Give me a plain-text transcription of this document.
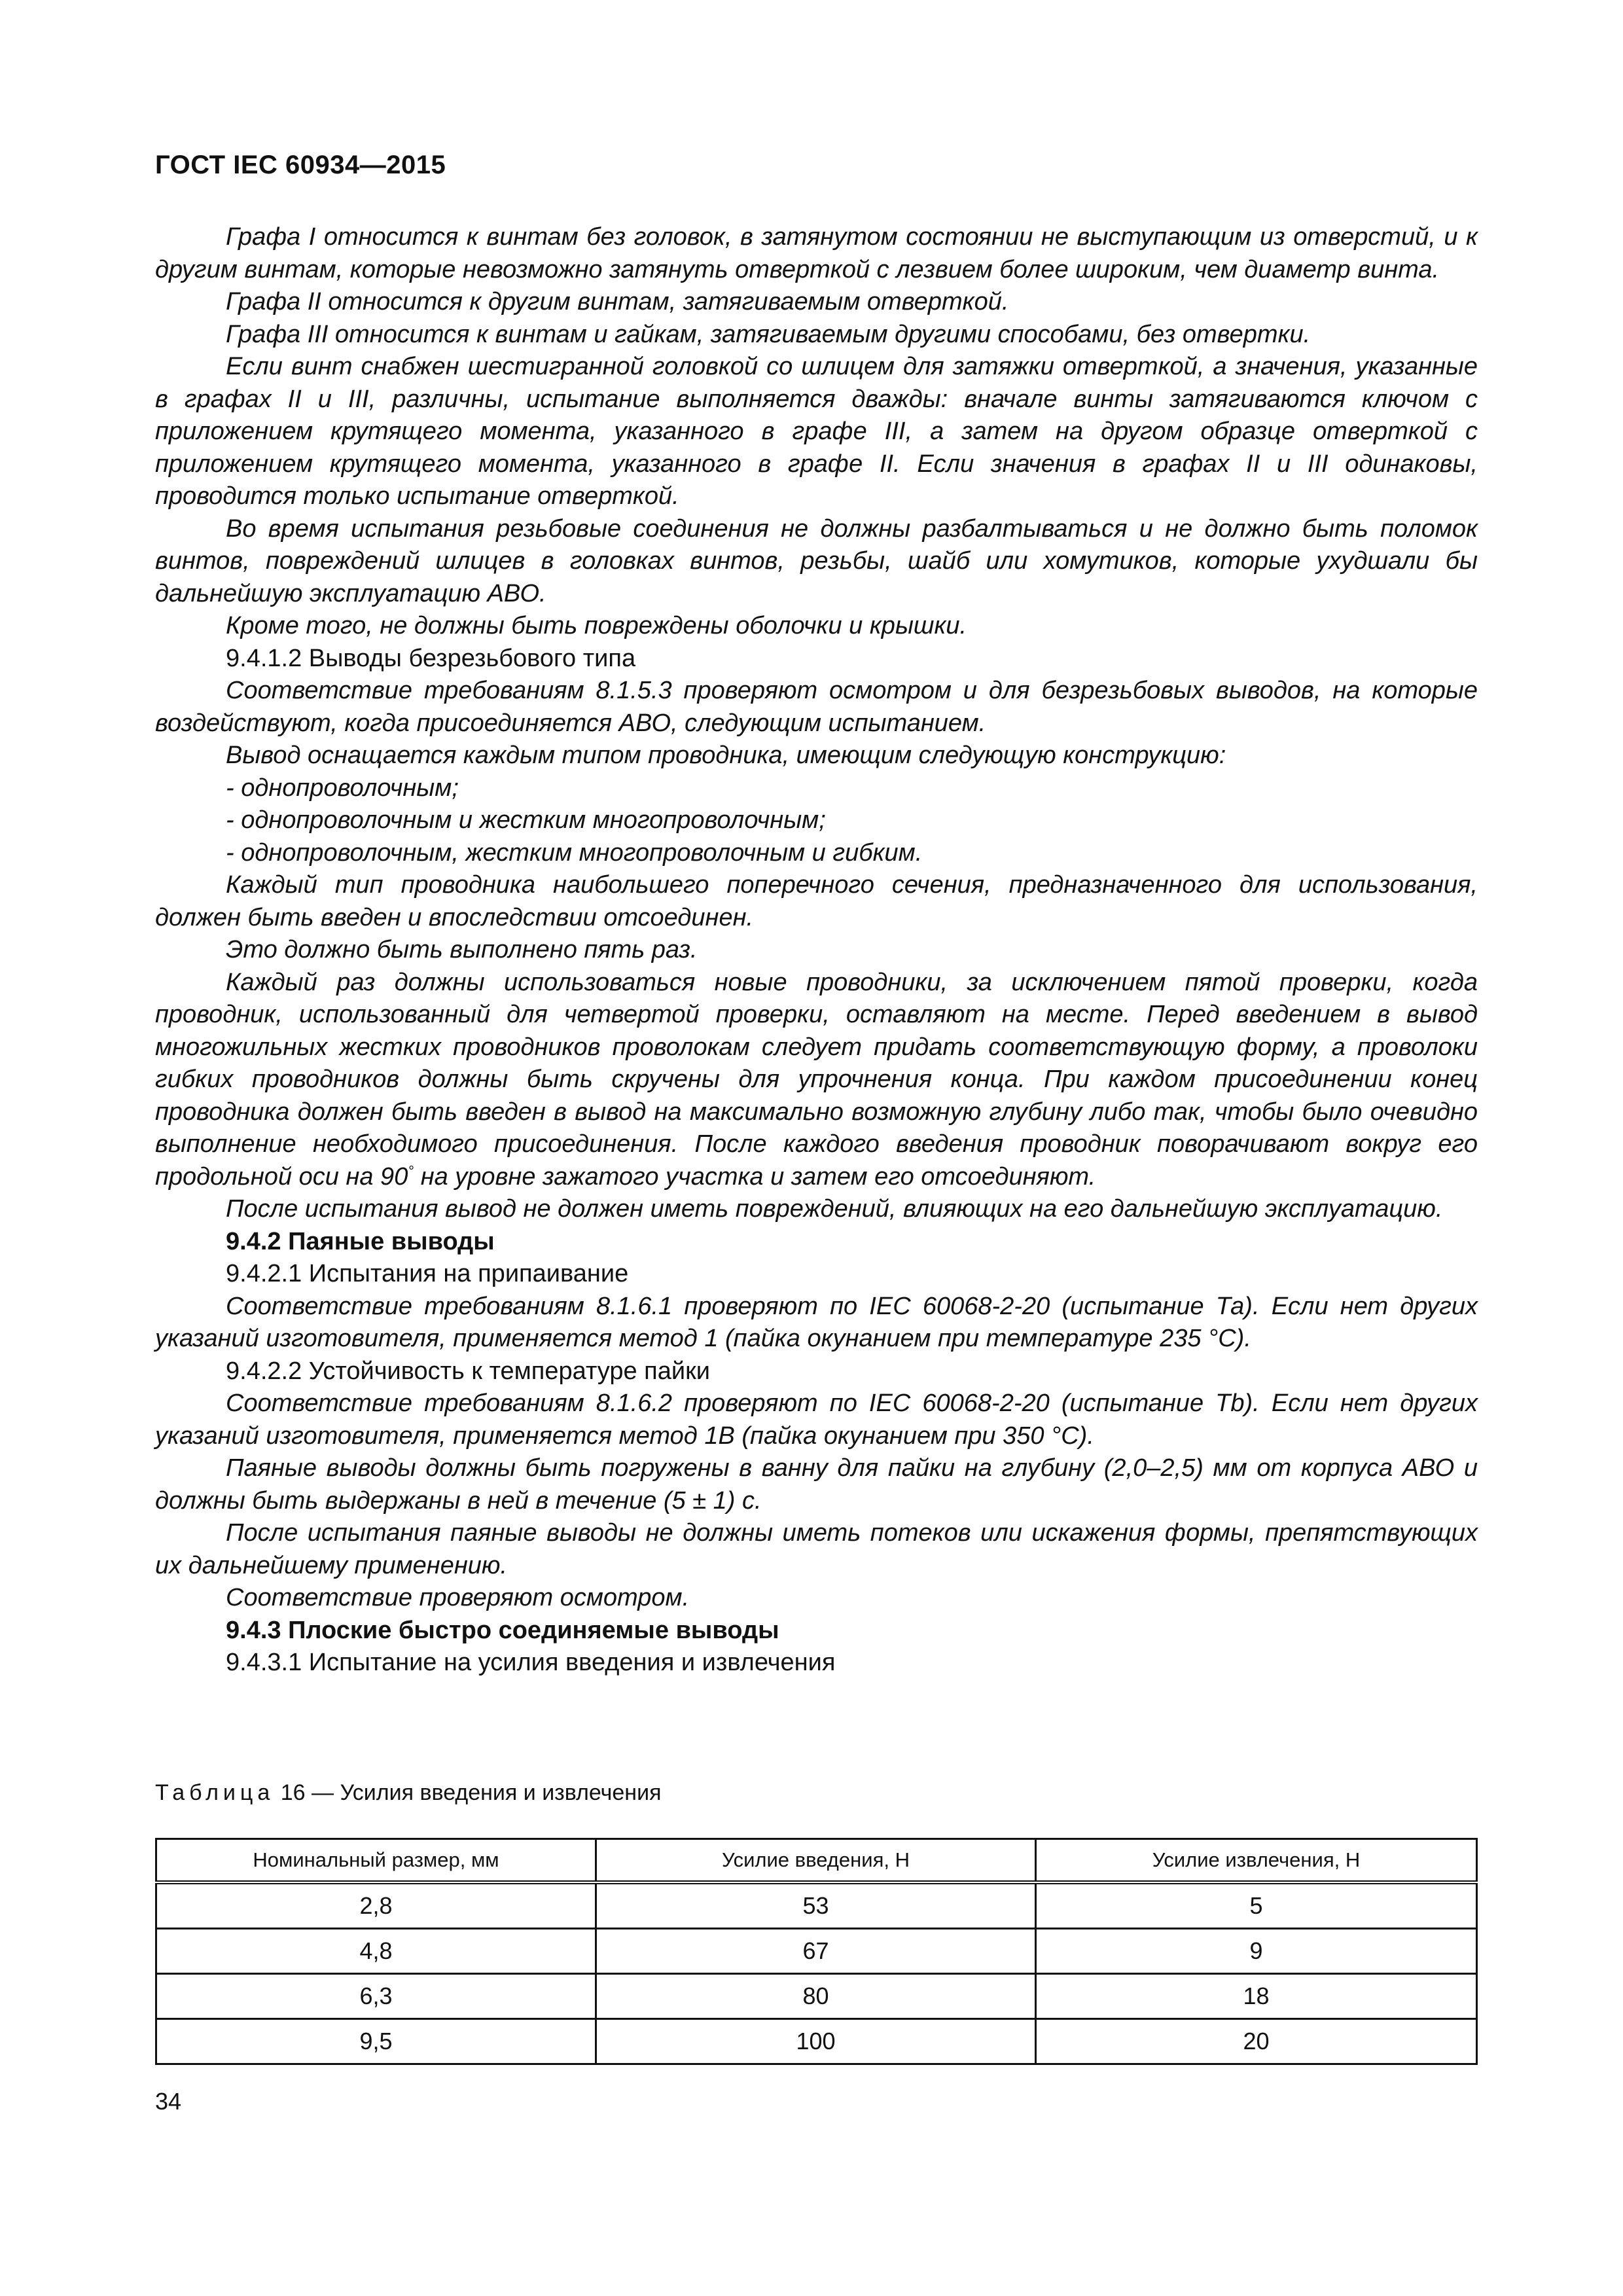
ГОСТ IEC 60934—2015

Графа I относится к винтам без головок, в затянутом состоянии не выступающим из отверстий, и к другим винтам, которые невозможно затянуть отверткой с лезвием более широким, чем диаметр винта.

Графа II относится к другим винтам, затягиваемым отверткой.

Графа III относится к винтам и гайкам, затягиваемым другими способами, без отвертки.

Если винт снабжен шестигранной головкой со шлицем для затяжки отверткой, а значения, указанные в графах II и III, различны, испытание выполняется дважды: вначале винты затягиваются ключом с приложением крутящего момента, указанного в графе III, а затем на другом образце отверткой с приложением крутящего момента, указанного в графе II. Если значения в графах II и III одинаковы, проводится только испытание отверткой.

Во время испытания резьбовые соединения не должны разбалтываться и не должно быть поломок винтов, повреждений шлицев в головках винтов, резьбы, шайб или хомутиков, которые ухудшали бы дальнейшую эксплуатацию АВО.

Кроме того, не должны быть повреждены оболочки и крышки.

9.4.1.2 Выводы безрезьбового типа

Соответствие требованиям 8.1.5.3 проверяют осмотром и для безрезьбовых выводов, на которые воздействуют, когда присоединяется АВО, следующим испытанием.

Вывод оснащается каждым типом проводника, имеющим следующую конструкцию:

- однопроволочным;

- однопроволочным и жестким многопроволочным;

- однопроволочным, жестким многопроволочным и гибким.

Каждый тип проводника наибольшего поперечного сечения, предназначенного для использования, должен быть введен и впоследствии отсоединен.

Это должно быть выполнено пять раз.

Каждый раз должны использоваться новые проводники, за исключением пятой проверки, когда проводник, использованный для четвертой проверки, оставляют на месте. Перед введением в вывод многожильных жестких проводников проволокам следует придать соответствующую форму, а проволоки гибких проводников должны быть скручены для упрочнения конца. При каждом присоединении конец проводника должен быть введен в вывод на максимально возможную глубину либо так, чтобы было очевидно выполнение необходимого присоединения. После каждого введения проводник поворачивают вокруг его продольной оси на 90° на уровне зажатого участка и затем его отсоединяют.

После испытания вывод не должен иметь повреждений, влияющих на его дальнейшую эксплуатацию.

9.4.2 Паяные выводы

9.4.2.1 Испытания на припаивание

Соответствие требованиям 8.1.6.1 проверяют по IEC 60068-2-20 (испытание Та). Если нет других указаний изготовителя, применяется метод 1 (пайка окунанием при температуре 235 °С).

9.4.2.2 Устойчивость к температуре пайки

Соответствие требованиям 8.1.6.2 проверяют по IEC 60068-2-20 (испытание Tb). Если нет других указаний изготовителя, применяется метод 1В (пайка окунанием при 350 °С).

Паяные выводы должны быть погружены в ванну для пайки на глубину (2,0–2,5) мм от корпуса АВО и должны быть выдержаны в ней в течение (5 ± 1) с.

После испытания паяные выводы не должны иметь потеков или искажения формы, препятствующих их дальнейшему применению.

Соответствие проверяют осмотром.

9.4.3 Плоские быстро соединяемые выводы

9.4.3.1 Испытание на усилия введения и извлечения

Таблица 16 — Усилия введения и извлечения
Номинальный размер, мм	Усилие введения, Н	Усилие извлечения, Н
2,8	53	5
4,8	67	9
6,3	80	18
9,5	100	20
34
